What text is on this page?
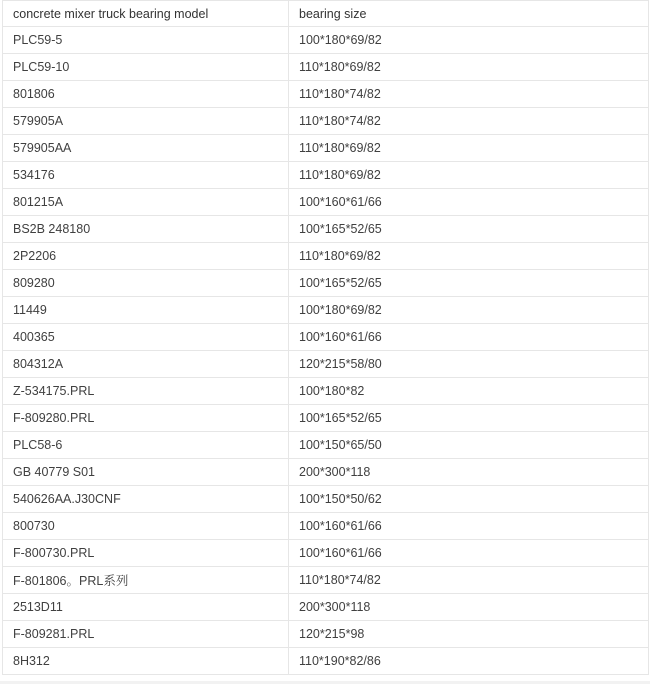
concrete mixer truck bearing model	bearing size
PLC59-5	100*180*69/82
PLC59-10	110*180*69/82
801806	110*180*74/82
579905A	110*180*74/82
579905AA	110*180*69/82
534176	110*180*69/82
801215A	100*160*61/66
BS2B 248180	100*165*52/65
2P2206	110*180*69/82
809280	100*165*52/65
11449	100*180*69/82
400365	100*160*61/66
804312A	120*215*58/80
Z-534175.PRL	100*180*82
F-809280.PRL	100*165*52/65
PLC58-6	100*150*65/50
GB 40779 S01	200*300*118
540626AA.J30CNF	100*150*50/62
800730	100*160*61/66
F-800730.PRL	100*160*61/66
F-801806。PRL系列	110*180*74/82
2513D11	200*300*118
F-809281.PRL	120*215*98
8H312	110*190*82/86
